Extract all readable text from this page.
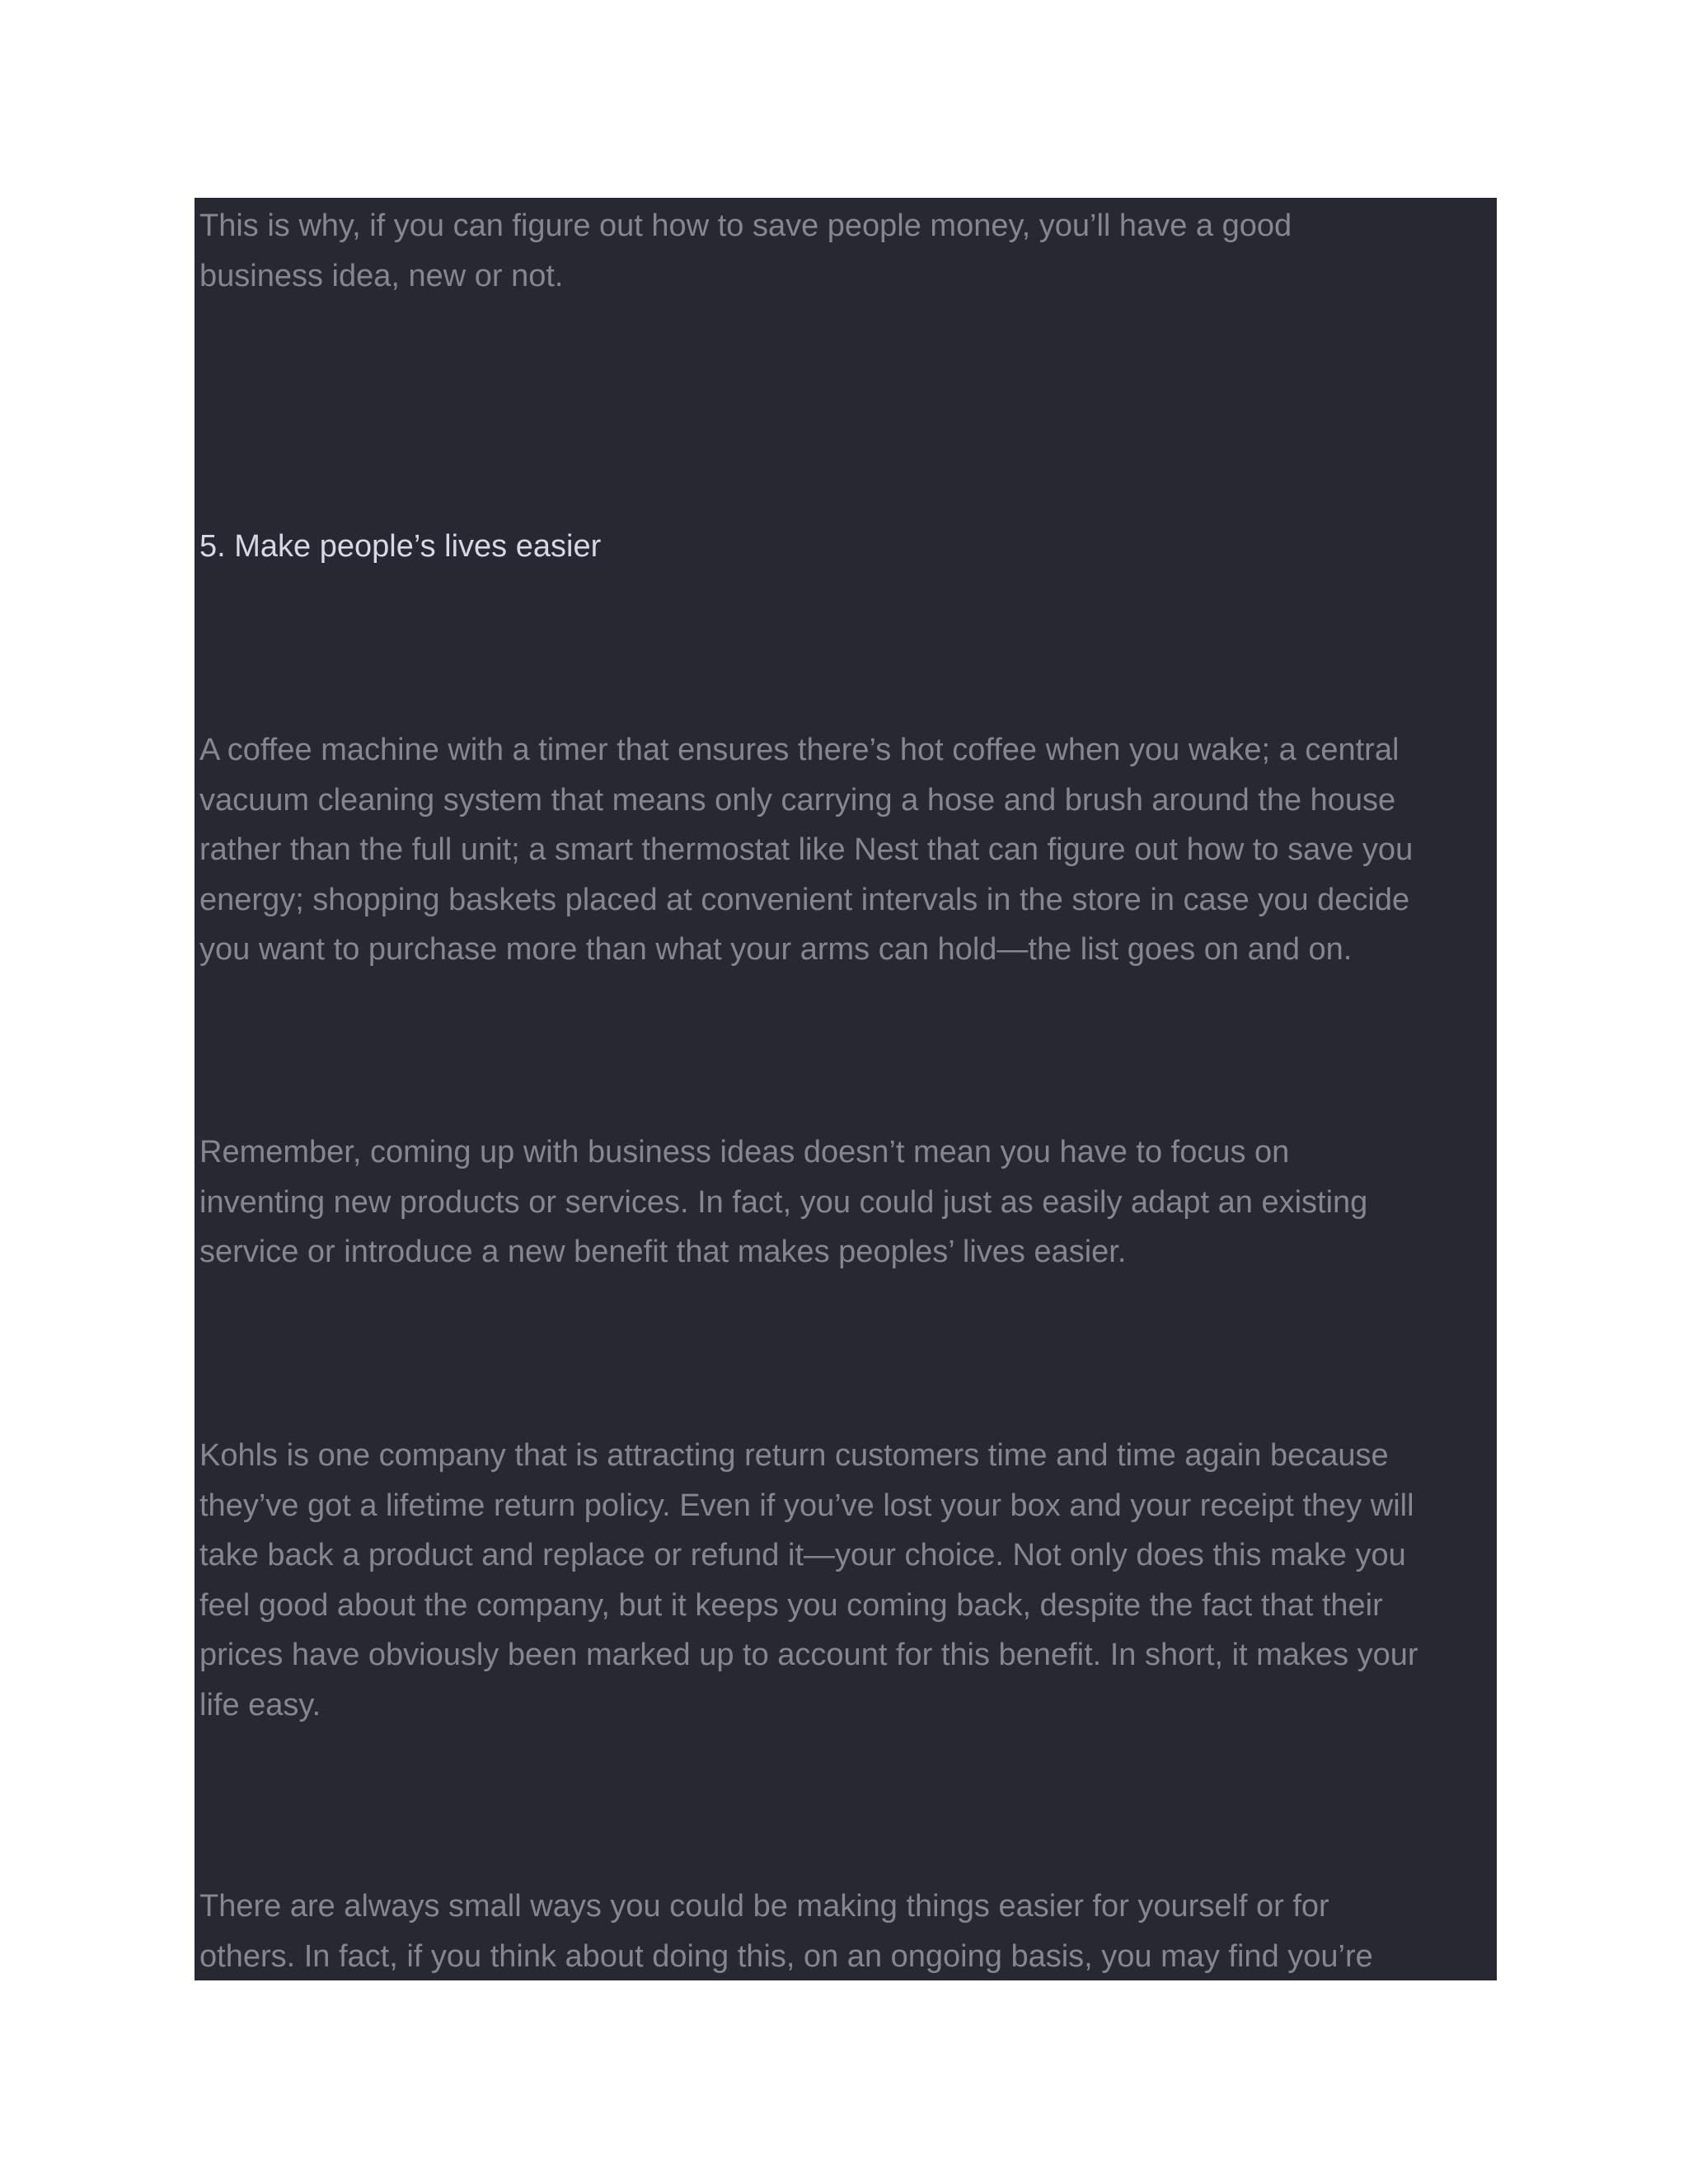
This is why, if you can figure out how to save people money, you’ll have a good
business idea, new or not.

5. Make people’s lives easier

A coffee machine with a timer that ensures there’s hot coffee when you wake; a central
vacuum cleaning system that means only carrying a hose and brush around the house
rather than the full unit; a smart thermostat like Nest that can figure out how to save you
energy; shopping baskets placed at convenient intervals in the store in case you decide
you want to purchase more than what your arms can hold—the list goes on and on.

Remember, coming up with business ideas doesn’t mean you have to focus on
inventing new products or services. In fact, you could just as easily adapt an existing
service or introduce a new benefit that makes peoples’ lives easier.

Kohls is one company that is attracting return customers time and time again because
they’ve got a lifetime return policy. Even if you’ve lost your box and your receipt they will
take back a product and replace or refund it—your choice. Not only does this make you
feel good about the company, but it keeps you coming back, despite the fact that their
prices have obviously been marked up to account for this benefit. In short, it makes your
life easy.

There are always small ways you could be making things easier for yourself or for
others. In fact, if you think about doing this, on an ongoing basis, you may find you’re
